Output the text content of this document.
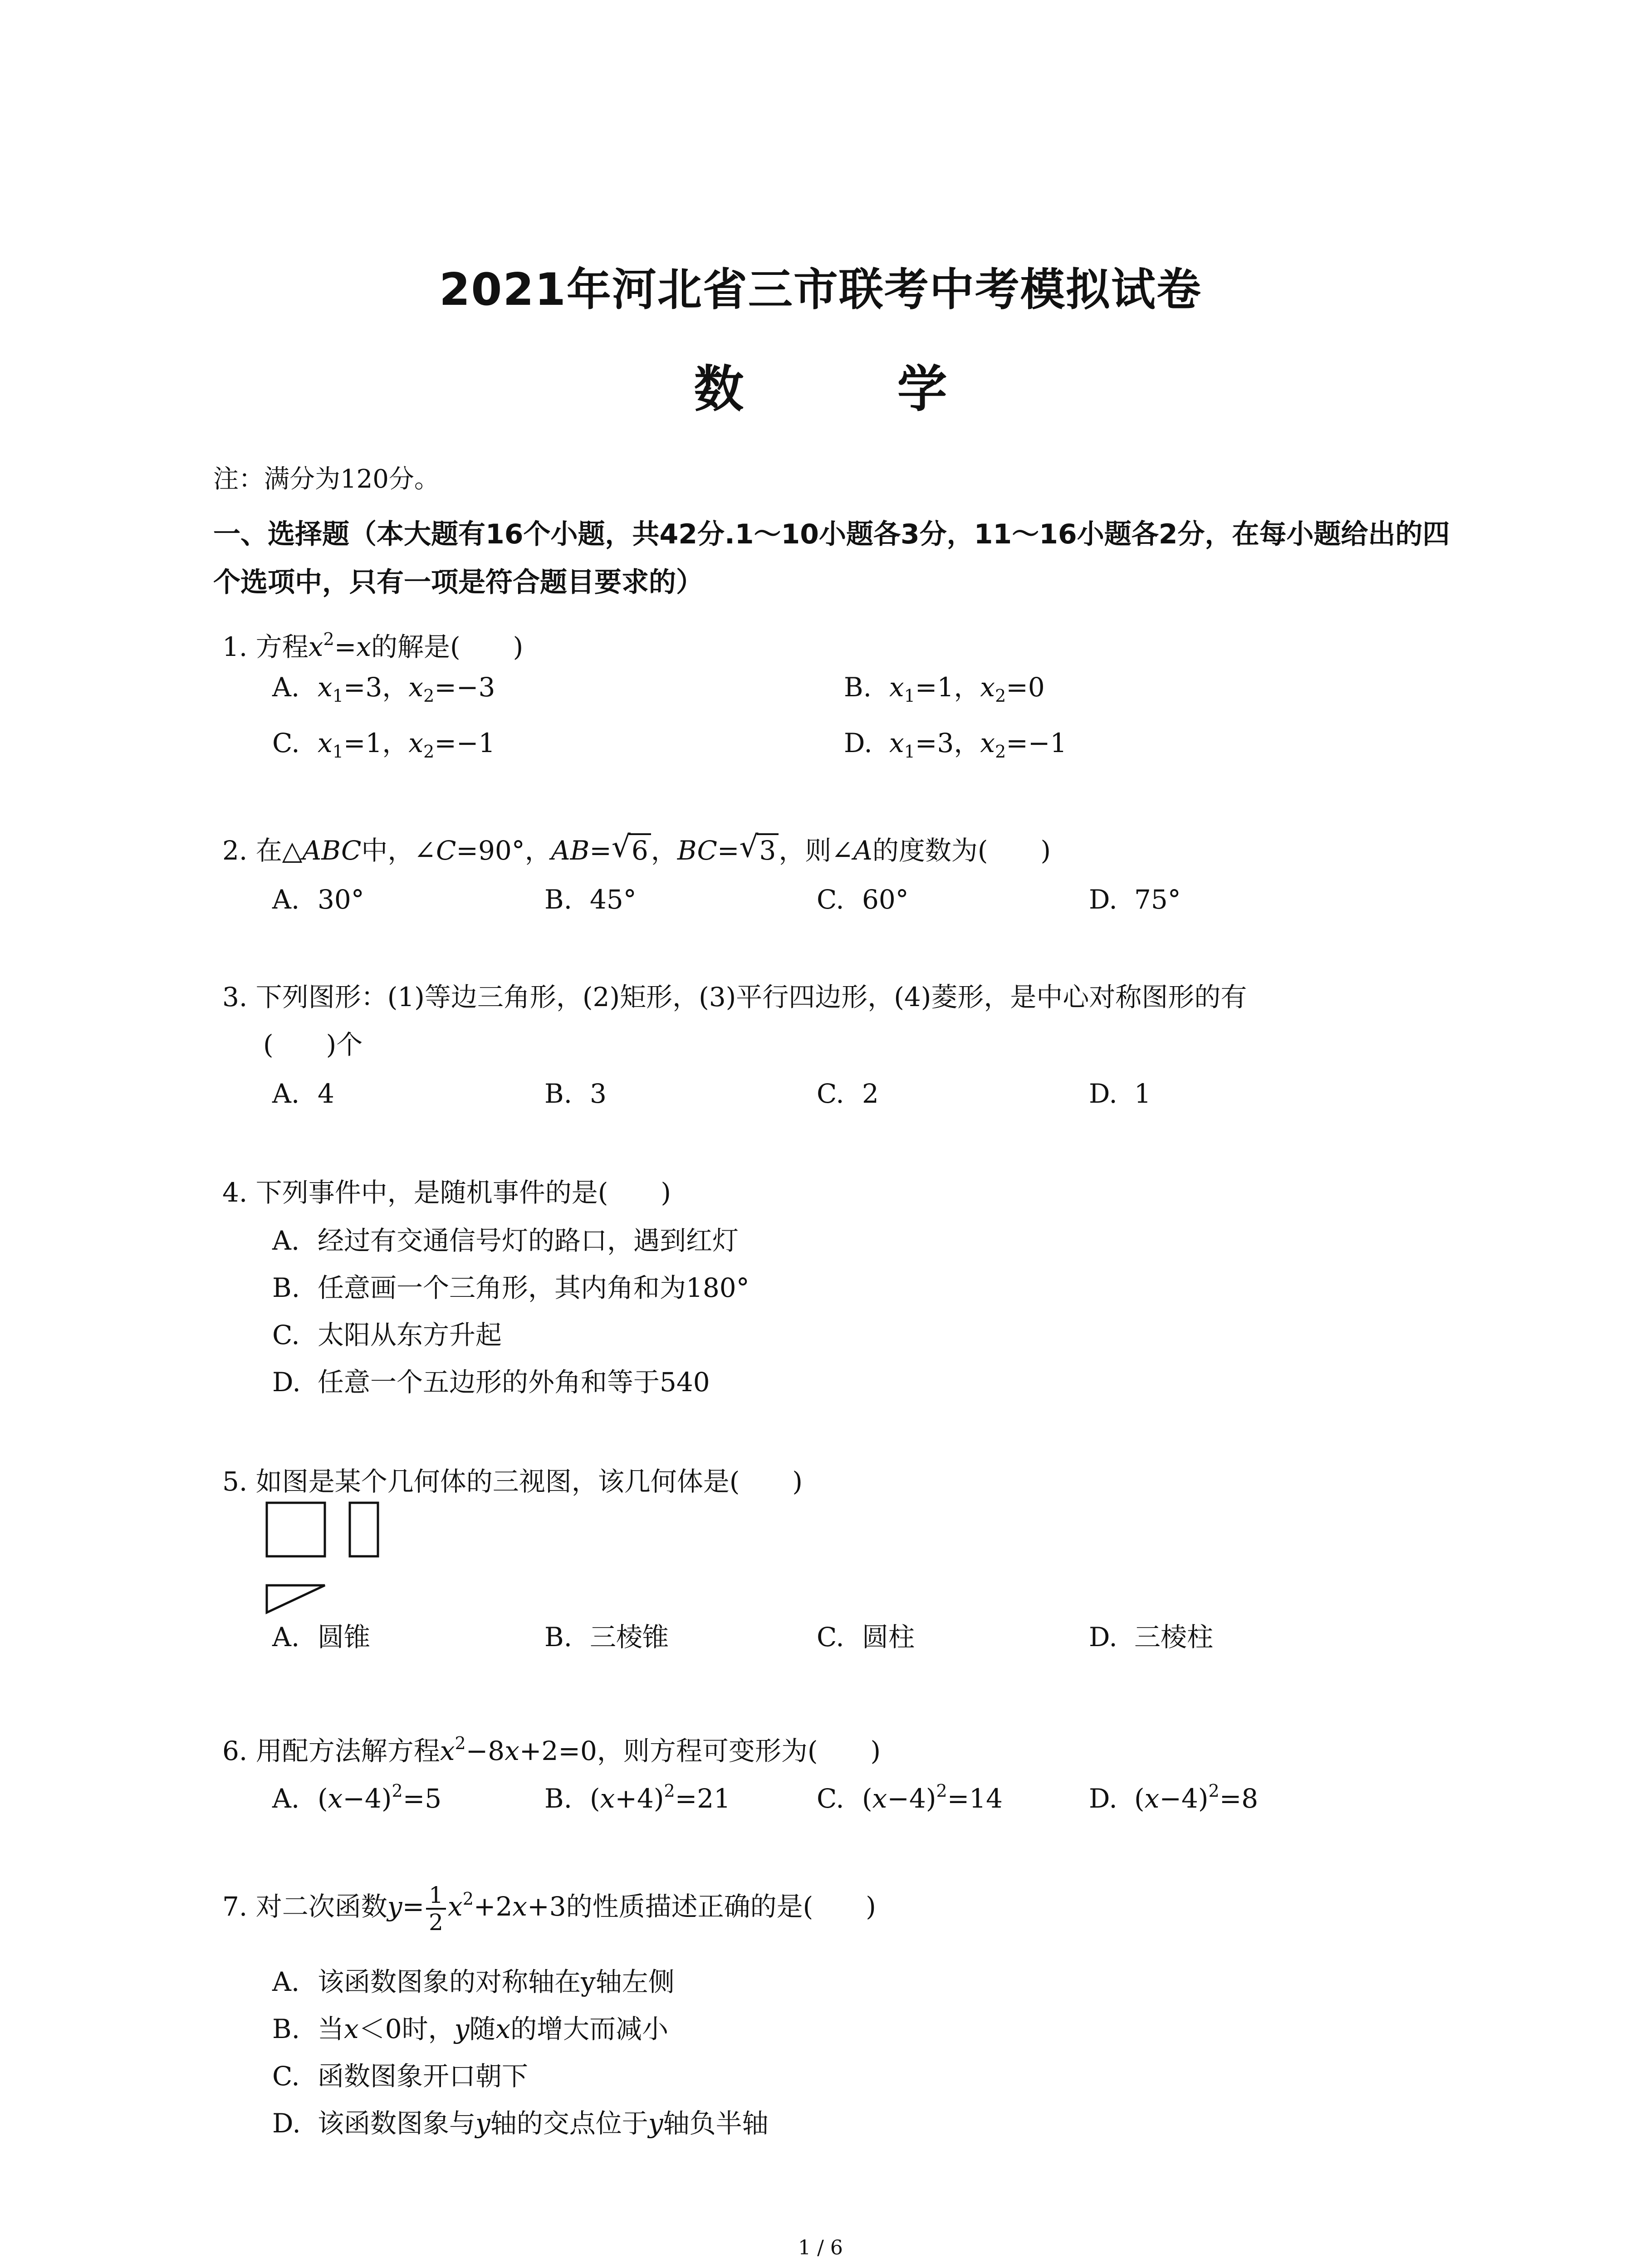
2021年河北省三市联考中考模拟试卷
数 学
注：满分为120分。
一、选择题（本大题有16个小题，共42分.1～10小题各3分，11～16小题各2分，在每小题给出的四个选项中，只有一项是符合题目要求的）
1. 方程$x^2=x$的解是(　　)
A. $x_1=3$，$x_2=-3$	B. $x_1=1$，$x_2=0$
C. $x_1=1$，$x_2=-1$	D. $x_1=3$，$x_2=-1$
2. 在△ABC中，∠C=90°，AB= √ 6 ，BC= √ 3 ，则∠A的度数为(　　)
A. 30°	B. 45°	C. 60°	D. 75°
3. 下列图形：(1)等边三角形，(2)矩形，(3)平行四边形，(4)菱形，是中心对称图形的有
(　　)个
A. 4	B. 3	C. 2	D. 1
4. 下列事件中，是随机事件的是(　　)
A. 经过有交通信号灯的路口，遇到红灯
B. 任意画一个三角形，其内角和为180°
C. 太阳从东方升起
D. 任意一个五边形的外角和等于540
5. 如图是某个几何体的三视图，该几何体是(　　)
A. 圆锥	B. 三棱锥	C. 圆柱	D. 三棱柱
6. 用配方法解方程$x^2-8x+2=0$，则方程可变形为(　　)
A. $(x-4)^2=5$	B. $(x+4)^2=21$	C. $(x-4)^2=14$	D. $(x-4)^2=8$
7. 对二次函数$y= \frac{1}{2} x^2+2x+3$的性质描述正确的是(　　)
A. 该函数图象的对称轴在y轴左侧
B. 当x＜0时，y随x的增大而减小
C. 函数图象开口朝下
D. 该函数图象与y轴的交点位于y轴负半轴
1 / 6
